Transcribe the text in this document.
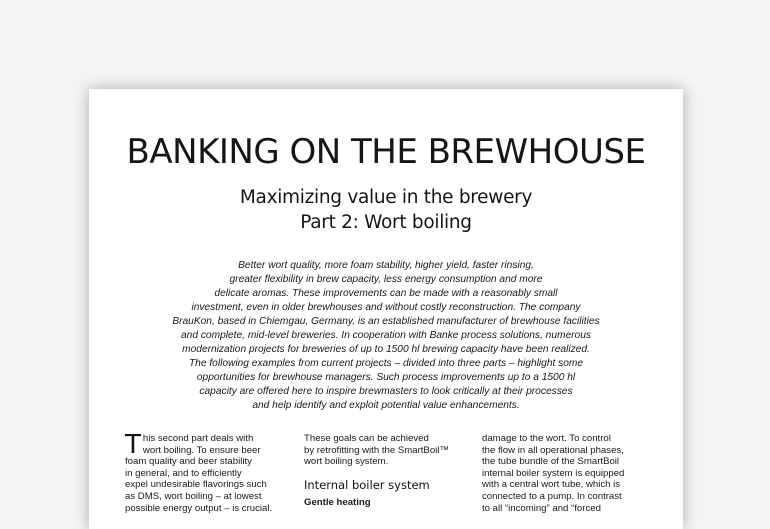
BANKING ON THE BREWHOUSE
Maximizing value in the brewery
Part 2: Wort boiling
Better wort quality, more foam stability, higher yield, faster rinsing,
greater flexibility in brew capacity, less energy consumption and more
delicate aromas. These improvements can be made with a reasonably small
investment, even in older brewhouses and without costly reconstruction. The company
BrauKon, based in Chiemgau, Germany, is an established manufacturer of brewhouse facilities
and complete, mid-level breweries. In cooperation with Banke process solutions, numerous
modernization projects for breweries of up to 1500 hl brewing capacity have been realized.
The following examples from current projects – divided into three parts – highlight some
opportunities for brewhouse managers. Such process improvements up to a 1500 hl
capacity are offered here to inspire brewmasters to look critically at their processes
and help identify and exploit potential value enhancements.
T his second part deals with
wort boiling. To ensure beer
foam quality and beer stability
in general, and to efficiently
expel undesirable flavorings such
as DMS, wort boiling – at lowest
possible energy output – is crucial.
These goals can be achieved
by retrofitting with the SmartBoil™
wort boiling system.
Internal boiler system
Gentle heating
damage to the wort. To control
the flow in all operational phases,
the tube bundle of the SmartBoil
internal boiler system is equipped
with a central wort tube, which is
connected to a pump. In contrast
to all “incoming” and “forced
